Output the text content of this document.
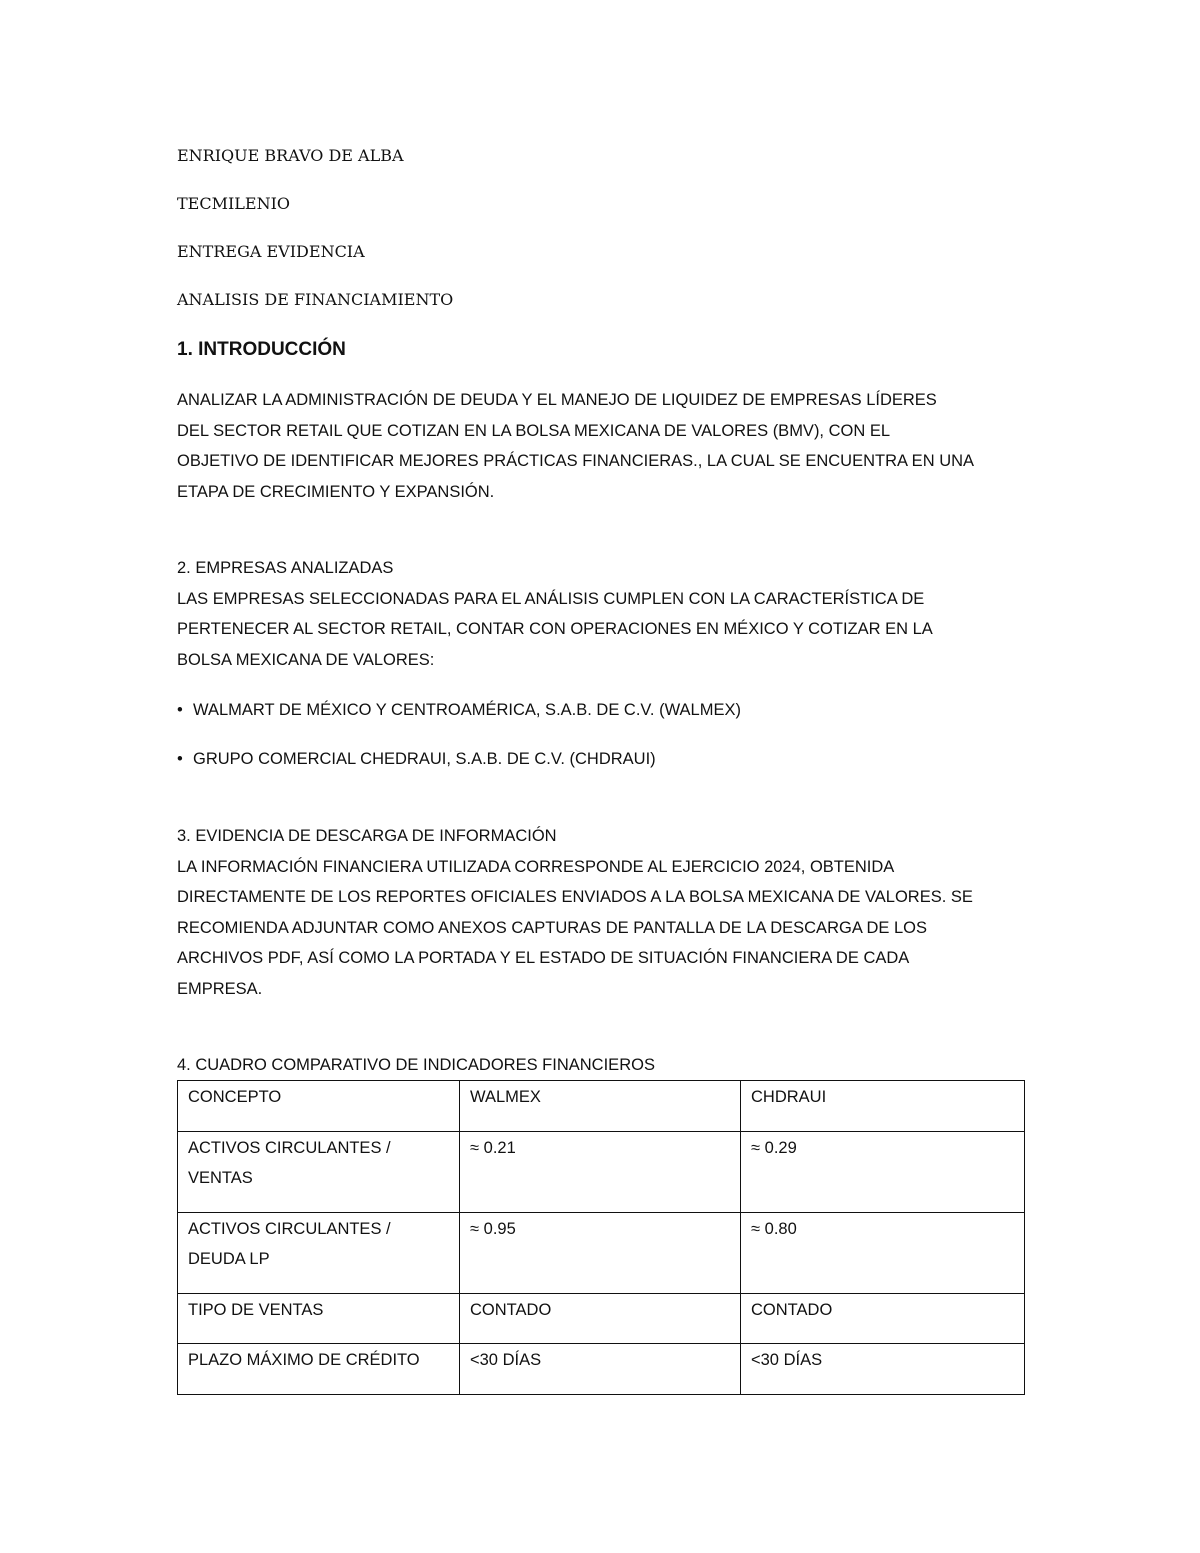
ENRIQUE BRAVO DE ALBA
TECMILENIO
ENTREGA EVIDENCIA
ANALISIS DE FINANCIAMIENTO
1. INTRODUCCIÓN

ANALIZAR LA ADMINISTRACIÓN DE DEUDA Y EL MANEJO DE LIQUIDEZ DE EMPRESAS LÍDERES
DEL SECTOR RETAIL QUE COTIZAN EN LA BOLSA MEXICANA DE VALORES (BMV), CON EL
OBJETIVO DE IDENTIFICAR MEJORES PRÁCTICAS FINANCIERAS., LA CUAL SE ENCUENTRA EN UNA
ETAPA DE CRECIMIENTO Y EXPANSIÓN.

2. EMPRESAS ANALIZADAS
LAS EMPRESAS SELECCIONADAS PARA EL ANÁLISIS CUMPLEN CON LA CARACTERÍSTICA DE
PERTENECER AL SECTOR RETAIL, CONTAR CON OPERACIONES EN MÉXICO Y COTIZAR EN LA
BOLSA MEXICANA DE VALORES:

• WALMART DE MÉXICO Y CENTROAMÉRICA, S.A.B. DE C.V. (WALMEX)
• GRUPO COMERCIAL CHEDRAUI, S.A.B. DE C.V. (CHDRAUI)

3. EVIDENCIA DE DESCARGA DE INFORMACIÓN
LA INFORMACIÓN FINANCIERA UTILIZADA CORRESPONDE AL EJERCICIO 2024, OBTENIDA
DIRECTAMENTE DE LOS REPORTES OFICIALES ENVIADOS A LA BOLSA MEXICANA DE VALORES. SE
RECOMIENDA ADJUNTAR COMO ANEXOS CAPTURAS DE PANTALLA DE LA DESCARGA DE LOS
ARCHIVOS PDF, ASÍ COMO LA PORTADA Y EL ESTADO DE SITUACIÓN FINANCIERA DE CADA
EMPRESA.

4. CUADRO COMPARATIVO DE INDICADORES FINANCIEROS
CONCEPTO	WALMEX	CHDRAUI
ACTIVOS CIRCULANTES / VENTAS	≈ 0.21	≈ 0.29
ACTIVOS CIRCULANTES / DEUDA LP	≈ 0.95	≈ 0.80
TIPO DE VENTAS	CONTADO	CONTADO
PLAZO MÁXIMO DE CRÉDITO	<30 DÍAS	<30 DÍAS
